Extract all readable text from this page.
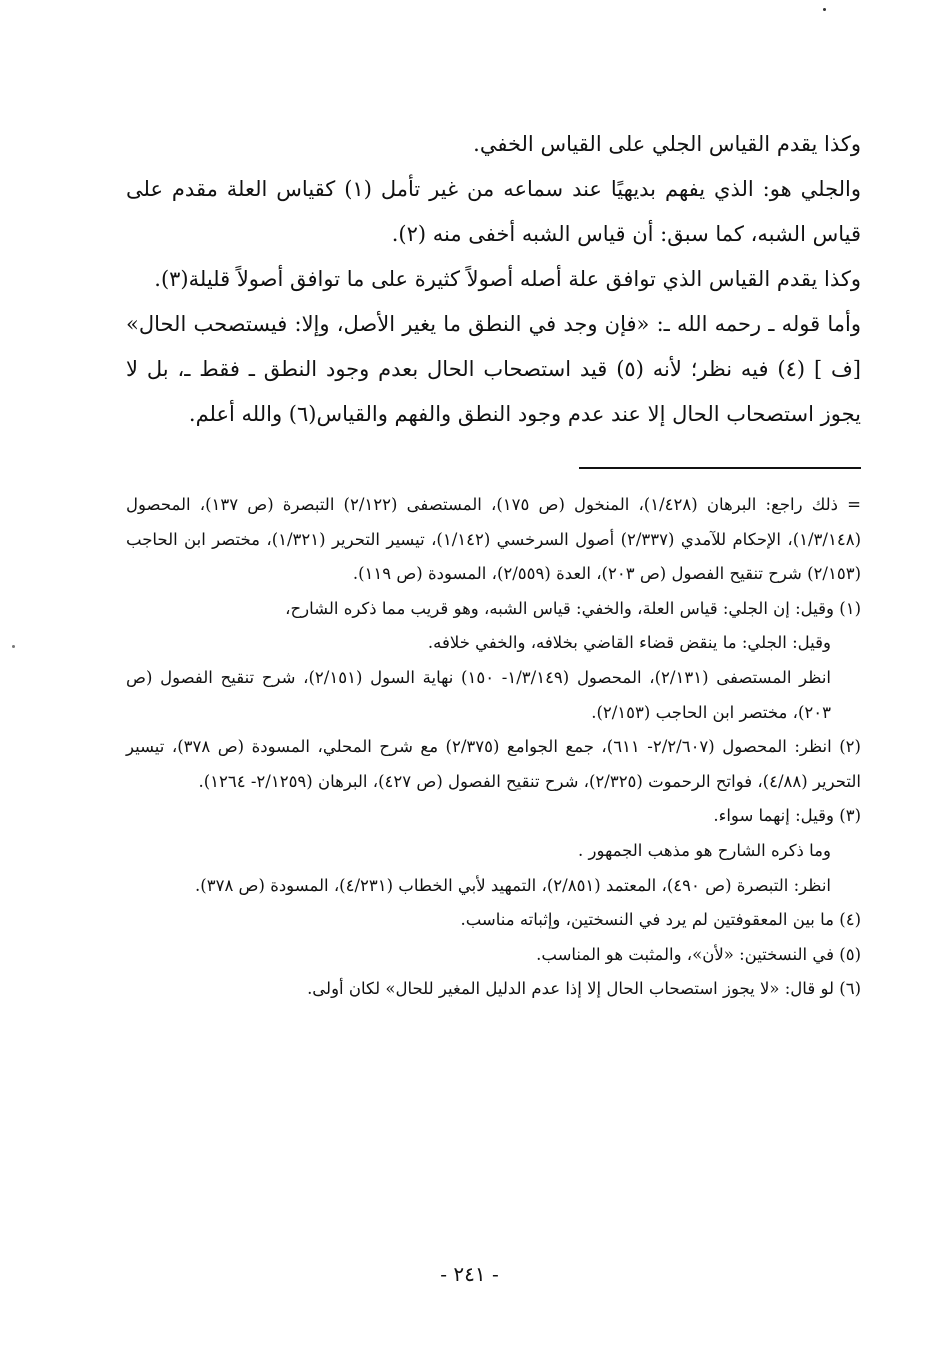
وكذا يقدم القياس الجلي على القياس الخفي.

والجلي هو: الذي يفهم بديهيًا عند سماعه من غير تأمل (١) كقياس العلة مقدم على قياس الشبه، كما سبق: أن قياس الشبه أخفى منه (٢).

وكذا يقدم القياس الذي توافق علة أصله أصولاً كثيرة على ما توافق أصولاً قليلة(٣).

وأما قوله ـ رحمه الله ـ: «فإن وجد في النطق ما يغير الأصل، وإلا: فيستصحب الحال» [ف ] (٤) فيه نظر؛ لأنه (٥) قيد استصحاب الحال بعدم وجود النطق ـ فقط ـ، بل لا يجوز استصحاب الحال إلا عند عدم وجود النطق والفهم والقياس(٦) والله أعلم.

= ذلك راجع: البرهان (١/٤٢٨)، المنخول (ص ١٧٥)، المستصفى (٢/١٢٢) التبصرة (ص ١٣٧)، المحصول (١/٣/١٤٨)، الإحكام للآمدي (٢/٣٣٧) أصول السرخسي (١/١٤٢)، تيسير التحرير (١/٣٢١)، مختصر ابن الحاجب (٢/١٥٣) شرح تنقيح الفصول (ص ٢٠٣)، العدة (٢/٥٥٩)، المسودة (ص ١١٩).

(١) وقيل: إن الجلي: قياس العلة، والخفي: قياس الشبه، وهو قريب مما ذكره الشارح،

وقيل: الجلي: ما ينقض قضاء القاضي بخلافه، والخفي خلافه.

انظر المستصفى (٢/١٣١)، المحصول (١/٣/١٤٩- ١٥٠) نهاية السول (٢/١٥١)، شرح تنقيح الفصول (ص ٢٠٣)، مختصر ابن الحاجب (٢/١٥٣).

(٢) انظر: المحصول (٢/٢/٦٠٧- ٦١١)، جمع الجوامع (٢/٣٧٥) مع شرح المحلي، المسودة (ص ٣٧٨)، تيسير التحرير (٤/٨٨)، فواتح الرحموت (٢/٣٢٥)، شرح تنقيح الفصول (ص ٤٢٧)، البرهان (٢/١٢٥٩- ١٢٦٤).

(٣) وقيل: إنهما سواء.

وما ذكره الشارح هو مذهب الجمهور .

انظر: التبصرة (ص ٤٩٠)، المعتمد (٢/٨٥١)، التمهيد لأبي الخطاب (٤/٢٣١)، المسودة (ص ٣٧٨).

(٤) ما بين المعقوفتين لم يرد في النسختين، وإثباته مناسب.

(٥) في النسختين: «لأن»، والمثبت هو المناسب.

(٦) لو قال: «لا يجوز استصحاب الحال إلا إذا عدم الدليل المغير للحال» لكان أولى.

- ٢٤١ -
